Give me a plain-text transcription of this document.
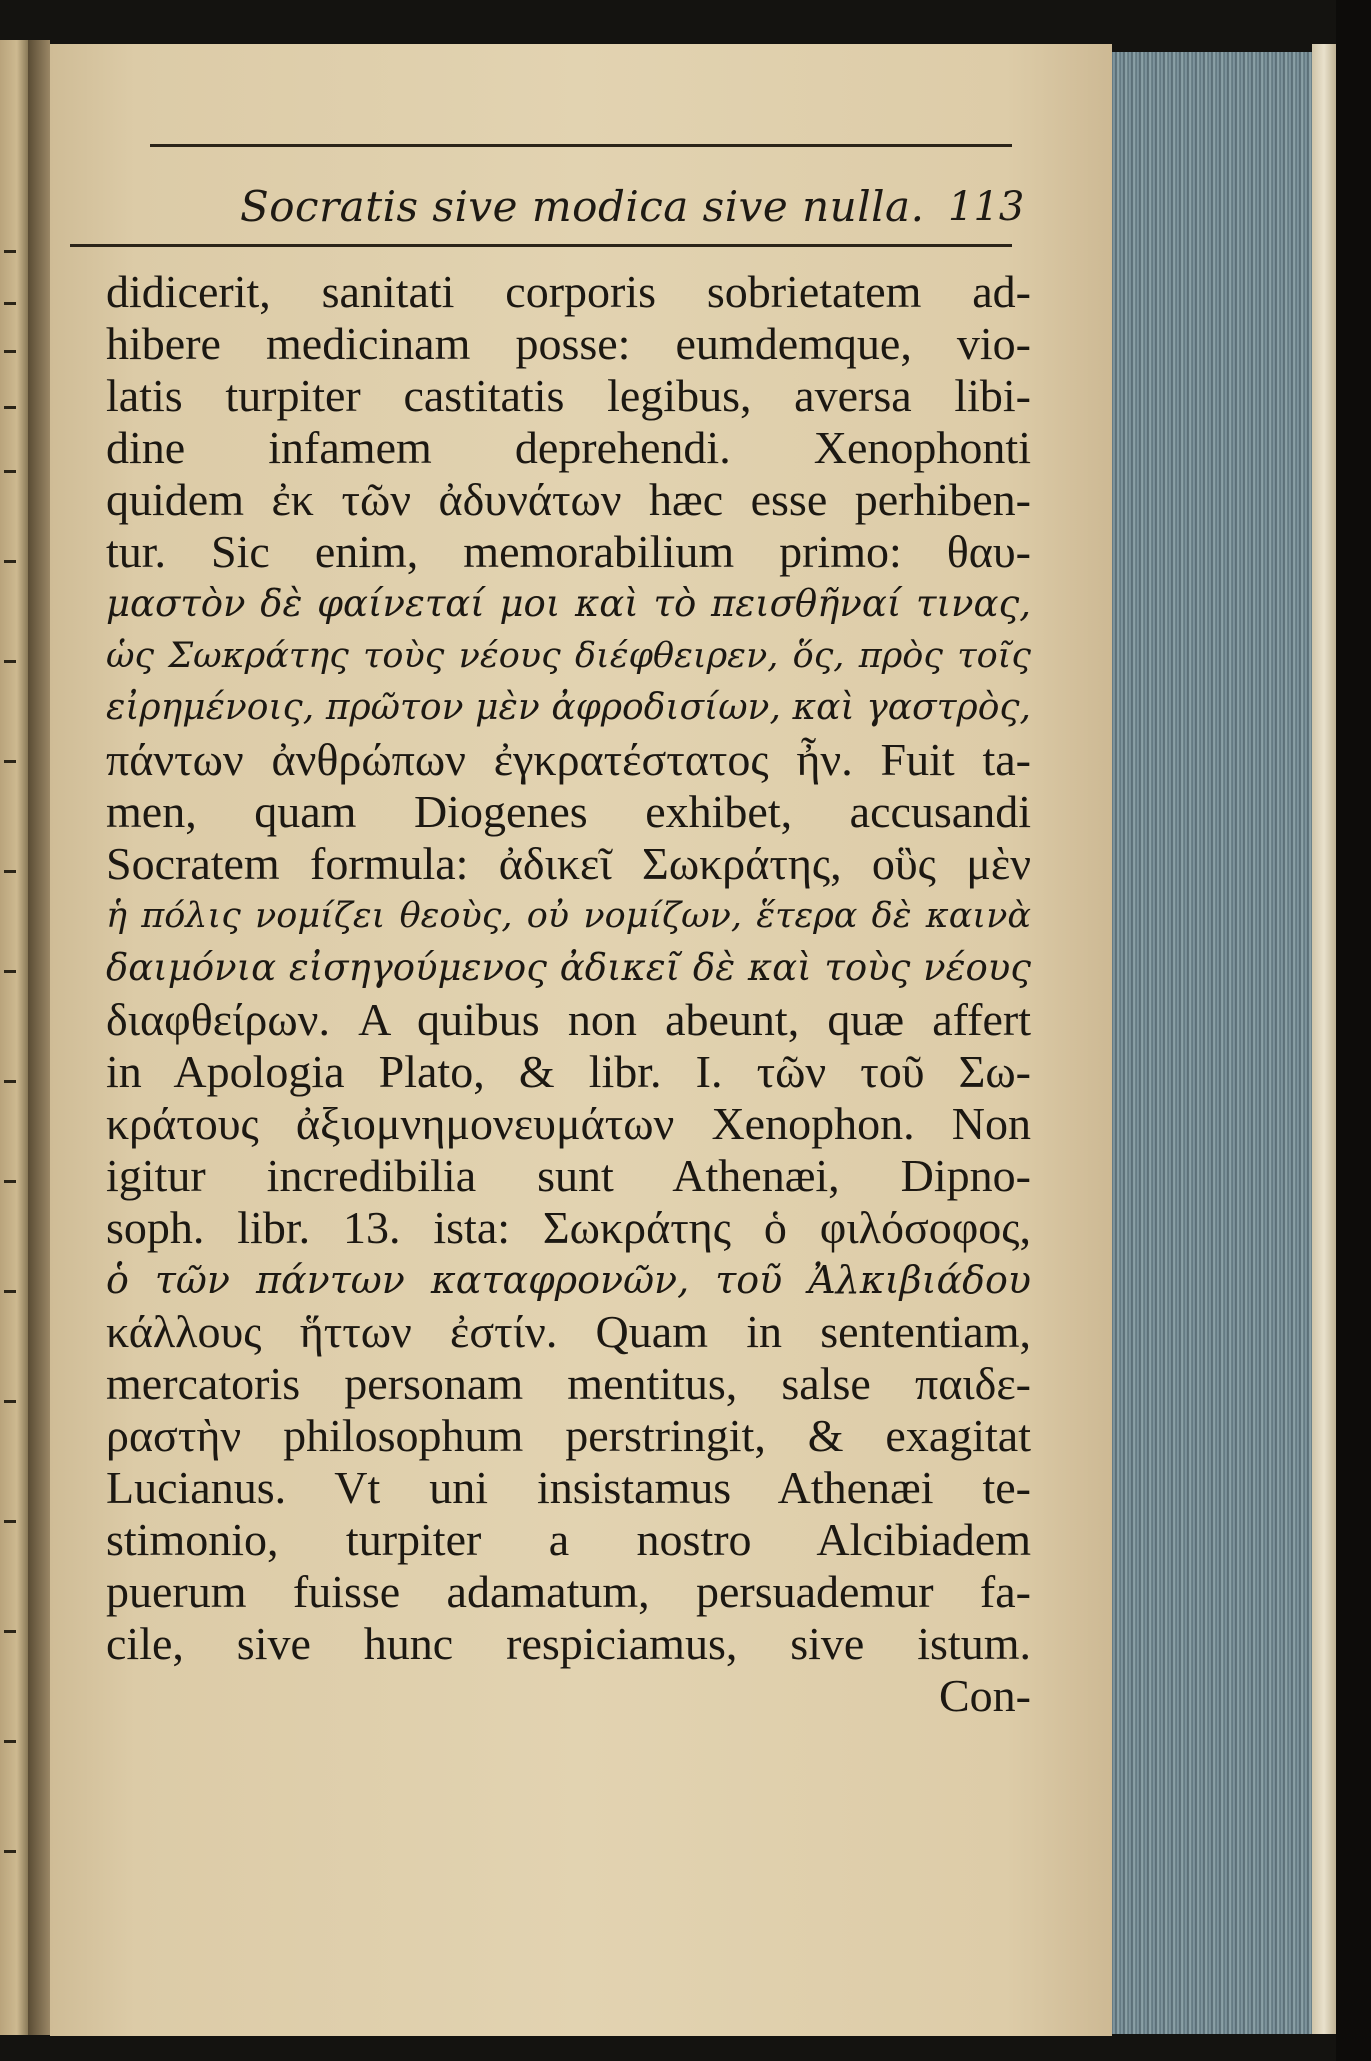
Socratis sive modica sive nulla. 113
didicerit, sanitati corporis sobrietatem ad-
hibere medicinam posse: eumdemque, vio-
latis turpiter castitatis legibus, aversa libi-
dine infamem deprehendi. Xenophonti
quidem ἐκ τῶν ἀδυνάτων hæc esse perhiben-
tur. Sic enim, memorabilium primo: θαυ-
μαστὸν δὲ φαίνεταί μοι καὶ τὸ πεισθῆναί τινας,
ὡς Σωκράτης τοὺς νέους διέφθειρεν, ὅς, πρὸς τοῖς
εἰρημένοις, πρῶτον μὲν ἀφροδισίων, καὶ γαστρὸς,
πάντων ἀνθρώπων ἐγκρατέστατος ἦν. Fuit ta-
men, quam Diogenes exhibet, accusandi
Socratem formula: ἀδικεῖ Σωκράτης, οὓς μὲν
ἡ πόλις νομίζει θεοὺς, οὐ νομίζων, ἕτερα δὲ καινὰ
δαιμόνια εἰσηγούμενος ἀδικεῖ δὲ καὶ τοὺς νέους
διαφθείρων. A quibus non abeunt, quæ affert
in Apologia Plato, & libr. I. τῶν τοῦ Σω-
κράτους ἀξιομνημονευμάτων Xenophon. Non
igitur incredibilia sunt Athenæi, Dipno-
soph. libr. 13. ista: Σωκράτης ὁ φιλόσοφος,
ὁ τῶν πάντων καταφρονῶν, τοῦ Ἀλκιβιάδου
κάλλους ἥττων ἐστίν. Quam in sententiam,
mercatoris personam mentitus, salse παιδε-
ραστὴν philosophum perstringit, & exagitat
Lucianus. Vt uni insistamus Athenæi te-
stimonio, turpiter a nostro Alcibiadem
puerum fuisse adamatum, persuademur fa-
cile, sive hunc respiciamus, sive istum.
Con-
